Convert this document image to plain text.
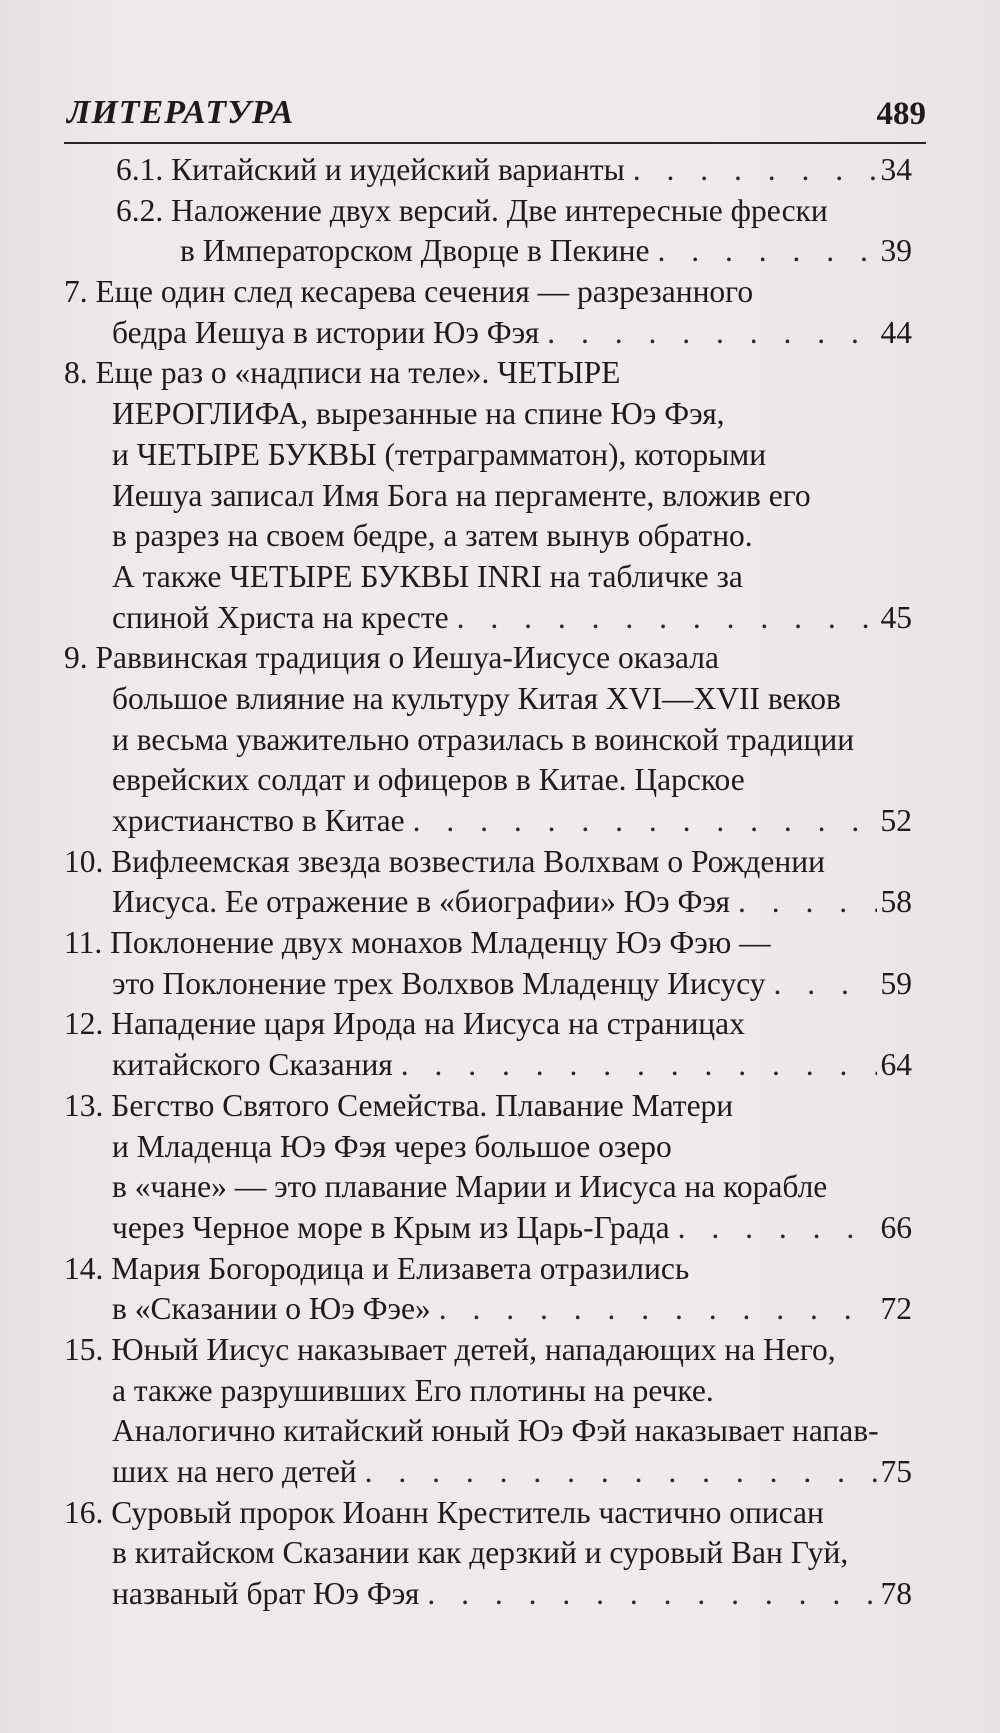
ЛИТЕРАТУРА	489
6.1. Китайский и иудейский варианты . . .	34
6.2. Наложение двух версий. Две интересные фрески
в Императорском Дворце в Пекине . . .	39
7. Еще один след кесарева сечения — разрезанного
бедра Иешуа в истории Юэ Фэя . . .	44
8. Еще раз о «надписи на теле». ЧЕТЫРЕ
ИЕРОГЛИФА, вырезанные на спине Юэ Фэя,
и ЧЕТЫРЕ БУКВЫ (тетраграмматон), которыми
Иешуа записал Имя Бога на пергаменте, вложив его
в разрез на своем бедре, а затем вынув обратно.
А также ЧЕТЫРЕ БУКВЫ INRI на табличке за
спиной Христа на кресте . . .	45
9. Раввинская традиция о Иешуа-Иисусе оказала
большое влияние на культуру Китая XVI—XVII веков
и весьма уважительно отразилась в воинской традиции
еврейских солдат и офицеров в Китае. Царское
христианство в Китае . . .	52
10. Вифлеемская звезда возвестила Волхвам о Рождении
Иисуса. Ее отражение в «биографии» Юэ Фэя . . .	58
11. Поклонение двух монахов Младенцу Юэ Фэю —
это Поклонение трех Волхвов Младенцу Иисусу . . .	59
12. Нападение царя Ирода на Иисуса на страницах
китайского Сказания . . .	64
13. Бегство Святого Семейства. Плавание Матери
и Младенца Юэ Фэя через большое озеро
в «чане» — это плавание Марии и Иисуса на корабле
через Черное море в Крым из Царь-Града . . .	66
14. Мария Богородица и Елизавета отразились
в «Сказании о Юэ Фэе» . . .	72
15. Юный Иисус наказывает детей, нападающих на Него,
а также разрушивших Его плотины на речке.
Аналогично китайский юный Юэ Фэй наказывает напав-
ших на него детей . . .	75
16. Суровый пророк Иоанн Креститель частично описан
в китайском Сказании как дерзкий и суровый Ван Гуй,
названый брат Юэ Фэя . . .	78
